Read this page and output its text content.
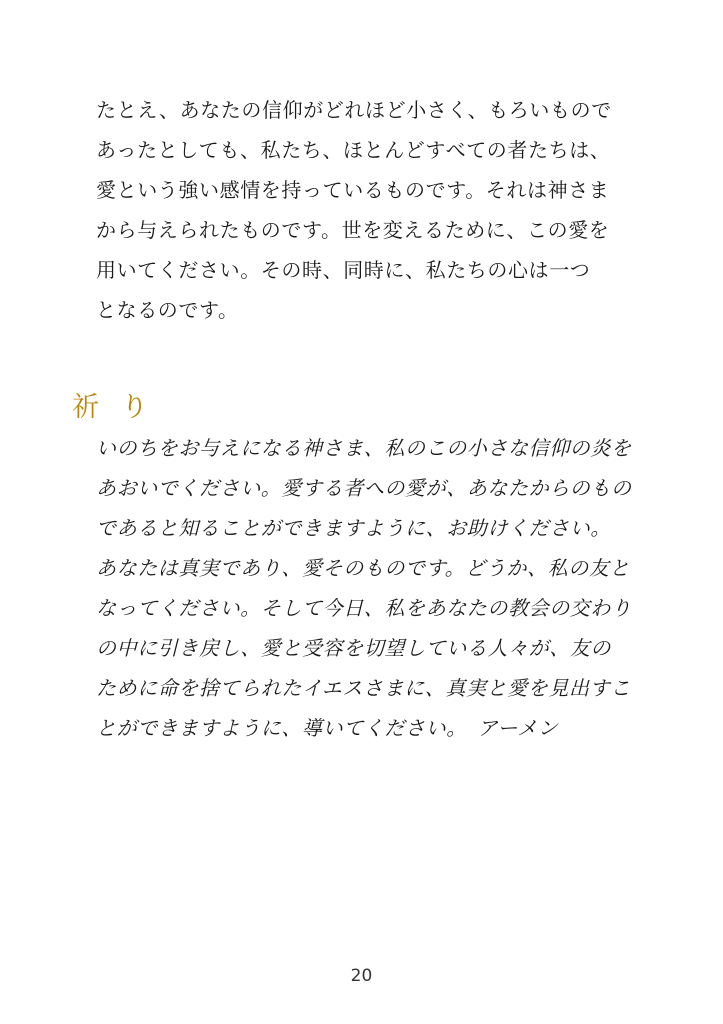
たとえ、あなたの信仰がどれほど小さく、もろいもので
あったとしても、私たち、ほとんどすべての者たちは、
愛という強い感情を持っているものです。それは神さま
から与えられたものです。世を変えるために、この愛を
用いてください。その時、同時に、私たちの心は一つ
となるのです。

祈り

いのちをお与えになる神さま、私のこの小さな信仰の炎を
あおいでください。愛する者への愛が、あなたからのもの
であると知ることができますように、お助けください。
あなたは真実であり、愛そのものです。どうか、私の友と
なってください。そして今日、私をあなたの教会の交わり
の中に引き戻し、愛と受容を切望している人々が、友の
ために命を捨てられたイエスさまに、真実と愛を見出すこ
とができますように、導いてください。　アーメン

20
